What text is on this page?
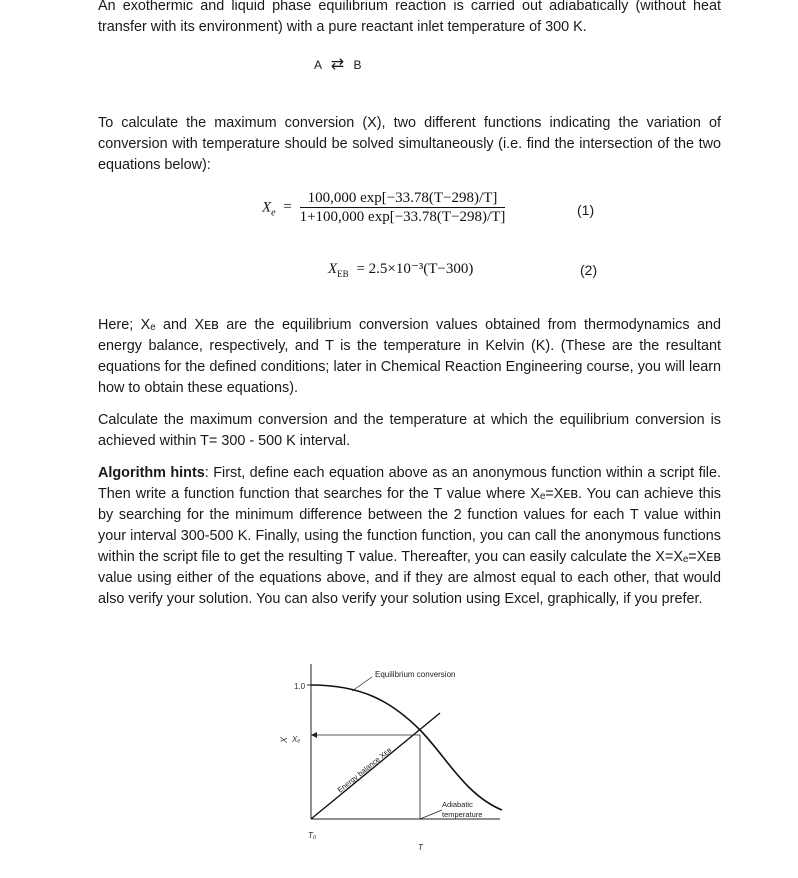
An exothermic and liquid phase equilibrium reaction is carried out adiabatically (without heat transfer with its environment) with a pure reactant inlet temperature of 300 K.
A ⇄ B
To calculate the maximum conversion (X), two different functions indicating the variation of conversion with temperature should be solved simultaneously (i.e. find the intersection of the two equations below):
$X_e = \frac{100,000 \exp[-33.78(T-298)/T]}{1+100,000 \exp[-33.78(T-298)/T]}$	(1)
$X_{EB} = 2.5\times 10^{-3}(T-300)$	(2)
Here; Xₑ and Xᴇʙ are the equilibrium conversion values obtained from thermodynamics and energy balance, respectively, and T is the temperature in Kelvin (K). (These are the resultant equations for the defined conditions; later in Chemical Reaction Engineering course, you will learn how to obtain these equations).
Calculate the maximum conversion and the temperature at which the equilibrium conversion is achieved within T= 300 - 500 K interval.
Algorithm hints: First, define each equation above as an anonymous function within a script file. Then write a function function that searches for the T value where Xₑ=Xᴇʙ. You can achieve this by searching for the minimum difference between the 2 function values for each T value within your interval 300-500 K. Finally, using the function function, you can call the anonymous functions within the script file to get the resulting T value. Thereafter, you can easily calculate the X=Xₑ=Xᴇʙ value using either of the equations above, and if they are almost equal to each other, that would also verify your solution. You can also verify your solution using Excel, graphically, if you prefer.
1.0
X Xₑ
Equilibrium conversion
Energy balance Xᴇʙ
Adiabatic
temperature
T₀
T
